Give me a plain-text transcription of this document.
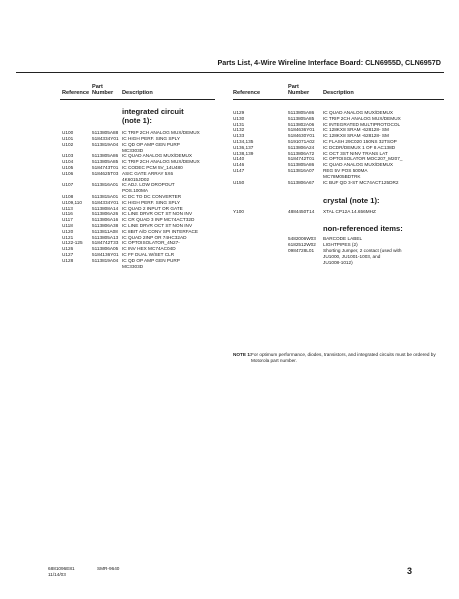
Parts List, 4-Wire Wireline Interface Board: CLN6955D, CLN6957D
Reference
Part
Number Description
integrated circuit
(note 1):
U100	5113805A88 IC TRIP 2CH ANALOG MUX/DEMUX
U101	5184334Y01 IC HIGH PERF. SING SPLY
U102	5113819A04 IC QD OP AMP GEN PURP
MC3303D
U103	5113805A86 IC QUAD ANALOG MUX/DEMUX
U104	5113805A85 IC TRIP 2CH ANALOG MUX/DEMUX
U105	5184743T01 IC CODEC PCM 5V_14U480
U106	5184625T03 ASIC GATE ARRAY 5X6
4K6015JD02
U107	5113816A01 IC ADJ. LOW DROPOUT
POS.100MA
U108	5113815A01 IC DC TO DC CONVERTER
U109,110 5184334Y01 IC HIGH PERF. SING SPLY
U113	5113808A14 IC QUAD 2 INPUT OR GATE
U116	5113806A26 IC LINE DRVR OCT ST NON INV
U117	5113806A16 IC CR QUAD 3 INP MC74ACT32D
U118	5113806A38 IC LINE DRVR OCT ST NON INV
U120	5113811A08 IC 8BIT A/D CONV SPI INTERFACE
U121	5113805A13 IC QUAD 2INP OR 74HC32AD
U122-125 5184742T33 IC OPTOISOLATOR_4N27-
U126	5113806A05 IC INV HEX MC74AC04D
U127	5184136Y01 IC FF DUAL W/SET CLR
U128	5113819A04 IC QD OP AMP GEN PURP
MC3303D
Reference
Part
Number Description
U129	5113805A86 IC QUAD ANALOG MUX/DEMUX
U130	5113805A85 IC TRIP 2CH ANALOG MUX/DEMUX
U131	5113802A06 IC INTEGRATED MULTIPROTOCOL
U132	5184636Y01 IC 128KX8 SRAM -628128- SM
U133	5184630Y01 IC 128KX8 SRAM -628128- SM
U134,135	5191071A02 IC FLASH 29C020 150NS 32TSOP
U136,137	5113806A24 IC DCDR/DEMUX 1 OF 8 AC138D
U138,139	5113806A72 IC OCT 3ST NINV TRANS LAT
U140	5184742T01 IC OPTOISOLATOR MOC207_M207_
U146	5113805A86 IC QUAD ANALOG MUX/DEMUX
U147	5113816A07 REG 5V POS 500MA
MC78M05BDTRK
U150	5113806A67 IC BUF QD 3-ST MC74ACT125DR2
crystal (note 1):
Y100	4884450T14 XTAL CP12A 14.656MHZ
non-referenced items:
5482006W03 BARCODE LABEL
6182512W02 LIGHTPIPES (2)
0984728L01 Shorting Jumper, 2 contact (used with
JU1000, JU1001-1003, and
JU1008-1012)
NOTE 1: For optimum performance, diodes, transistors, and integrated circuits must be ordered by Motorola part number.
6881096E81
11/14/03
SMR-9640	3
